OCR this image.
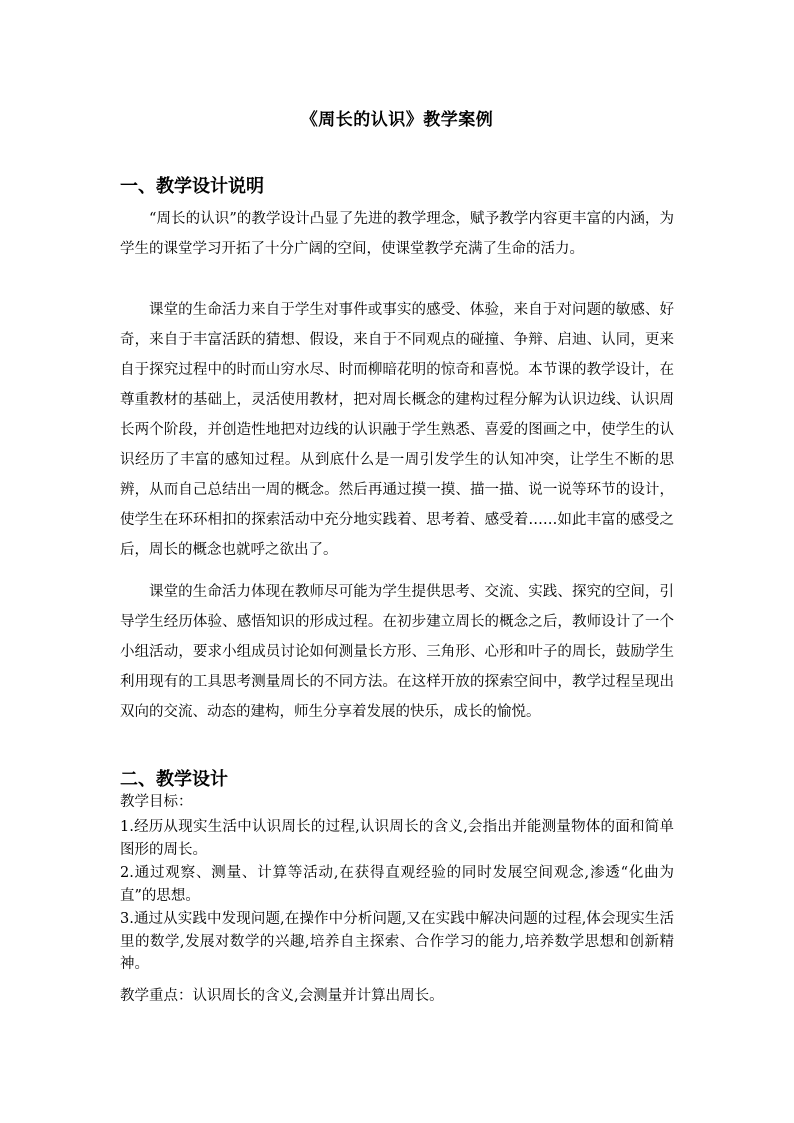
《周长的认识》教学案例
一、教学设计说明

“周长的认识”的教学设计凸显了先进的教学理念，赋予教学内容更丰富的内涵，为学生的课堂学习开拓了十分广阔的空间，使课堂教学充满了生命的活力。

课堂的生命活力来自于学生对事件或事实的感受、体验，来自于对问题的敏感、好奇，来自于丰富活跃的猜想、假设，来自于不同观点的碰撞、争辩、启迪、认同，更来自于探究过程中的时而山穷水尽、时而柳暗花明的惊奇和喜悦。本节课的教学设计，在尊重教材的基础上，灵活使用教材，把对周长概念的建构过程分解为认识边线、认识周长两个阶段，并创造性地把对边线的认识融于学生熟悉、喜爱的图画之中，使学生的认识经历了丰富的感知过程。从到底什么是一周引发学生的认知冲突，让学生不断的思辨，从而自己总结出一周的概念。然后再通过摸一摸、描一描、说一说等环节的设计，使学生在环环相扣的探索活动中充分地实践着、思考着、感受着……如此丰富的感受之后，周长的概念也就呼之欲出了。

课堂的生命活力体现在教师尽可能为学生提供思考、交流、实践、探究的空间，引导学生经历体验、感悟知识的形成过程。在初步建立周长的概念之后，教师设计了一个小组活动，要求小组成员讨论如何测量长方形、三角形、心形和叶子的周长，鼓励学生利用现有的工具思考测量周长的不同方法。在这样开放的探索空间中，教学过程呈现出双向的交流、动态的建构，师生分享着发展的快乐，成长的愉悦。

二、教学设计

教学目标：

1.经历从现实生活中认识周长的过程,认识周长的含义,会指出并能测量物体的面和简单图形的周长。

2.通过观察、测量、计算等活动,在获得直观经验的同时发展空间观念,渗透“化曲为直”的思想。

3.通过从实践中发现问题,在操作中分析问题,又在实践中解决问题的过程,体会现实生活里的数学,发展对数学的兴趣,培养自主探索、合作学习的能力,培养数学思想和创新精神。

教学重点：认识周长的含义,会测量并计算出周长。
